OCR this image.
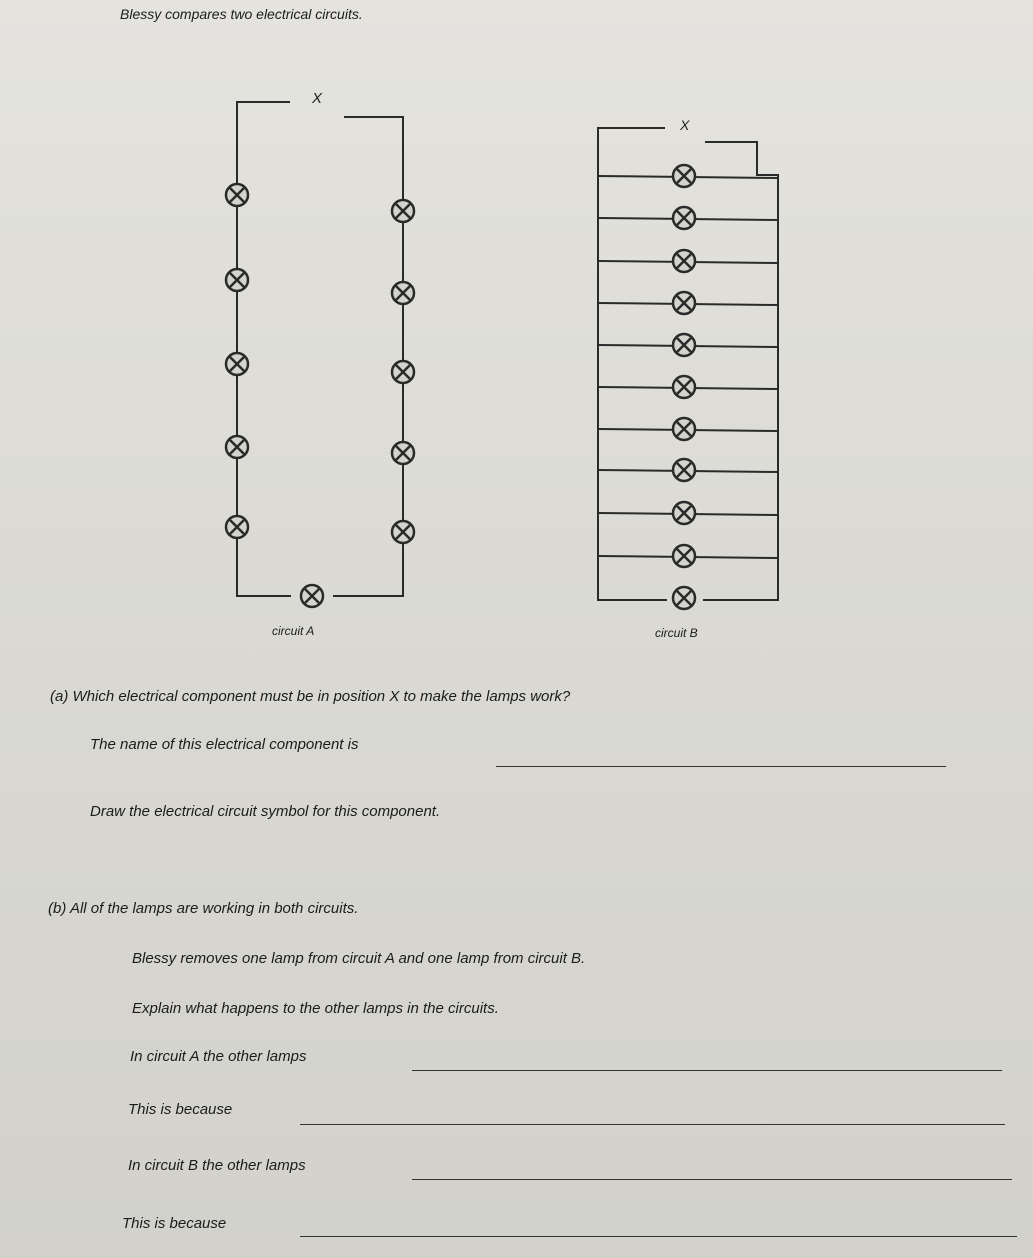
Blessy compares two electrical circuits.
X
X
circuit A	circuit B
(a) Which electrical component must be in position X to make the lamps work?
The name of this electrical component is
Draw the electrical circuit symbol for this component.
(b) All of the lamps are working in both circuits.
Blessy removes one lamp from circuit A and one lamp from circuit B.
Explain what happens to the other lamps in the circuits.
In circuit A the other lamps
This is because
In circuit B the other lamps
This is because
